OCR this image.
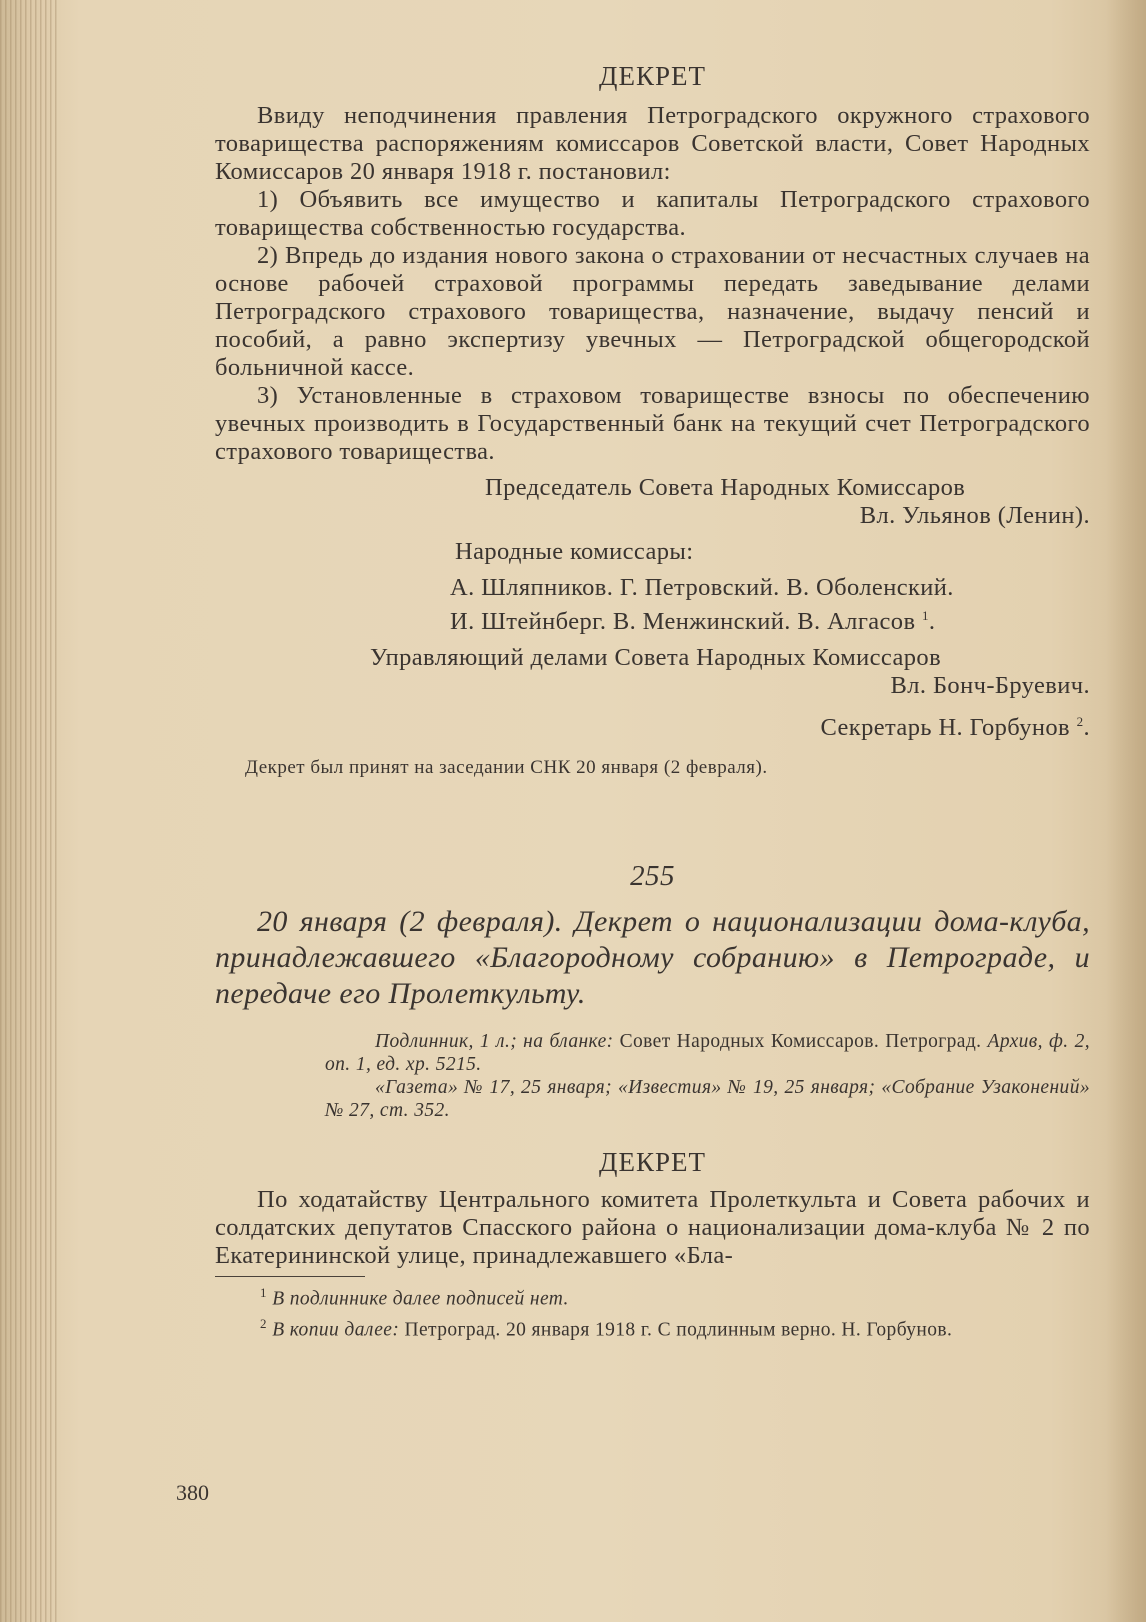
ДЕКРЕТ

Ввиду неподчинения правления Петроградского окружного страхового товарищества распоряжениям комиссаров Советской власти, Совет Народных Комиссаров 20 января 1918 г. постановил:

1) Объявить все имущество и капиталы Петроградского страхового товарищества собственностью государства.

2) Впредь до издания нового закона о страховании от несчастных случаев на основе рабочей страховой программы передать заведывание делами Петроградского страхового товарищества, назначение, выдачу пенсий и пособий, а равно экспертизу увечных — Петроградской общегородской больничной кассе.

3) Установленные в страховом товариществе взносы по обеспечению увечных производить в Государственный банк на текущий счет Петроградского страхового товарищества.

Председатель Совета Народных Комиссаров

Вл. Ульянов (Ленин).

Народные комиссары:

А. Шляпников. Г. Петровский. В. Оболенский.

И. Штейнберг. В. Менжинский. В. Алгасов $^1$.

Управляющий делами Совета Народных Комиссаров

Вл. Бонч-Бруевич.

Секретарь Н. Горбунов $^2$.

Декрет был принят на заседании СНК 20 января (2 февраля).

255

20 января (2 февраля). Декрет о национализации дома-клуба, принадлежавшего «Благородному собранию» в Петрограде, и передаче его Пролеткульту.

Подлинник, 1 л.; на бланке: Совет Народных Комиссаров. Петроград. Архив, ф. 2, оп. 1, ед. хр. 5215.

«Газета» № 17, 25 января; «Известия» № 19, 25 января; «Собрание Узаконений» № 27, ст. 352.

ДЕКРЕТ

По ходатайству Центрального комитета Пролеткульта и Совета рабочих и солдатских депутатов Спасского района о национализации дома-клуба № 2 по Екатерининской улице, принадлежавшего «Бла-

$^1$ В подлиннике далее подписей нет.

$^2$ В копии далее: Петроград. 20 января 1918 г. С подлинным верно. Н. Горбунов.

380
